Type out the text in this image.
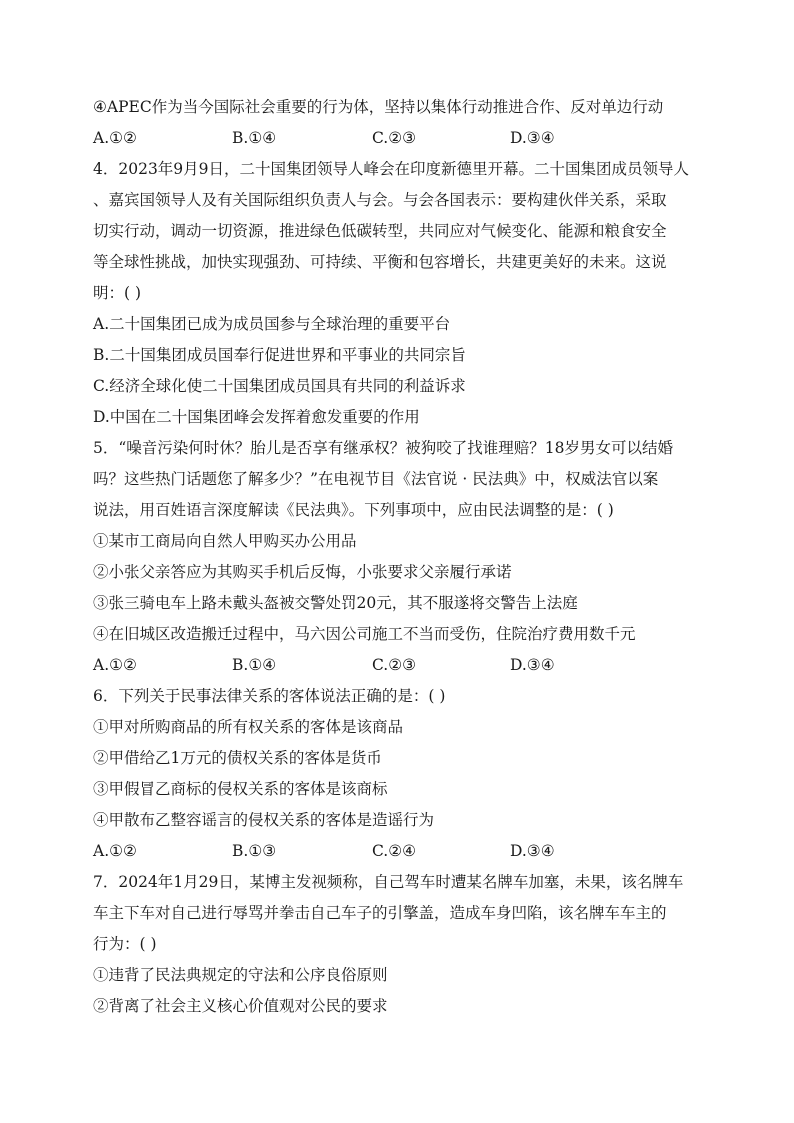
④APEC作为当今国际社会重要的行为体，坚持以集体行动推进合作、反对单边行动
A.①②	B.①④	C.②③	D.③④
4．2023年9月9日，二十国集团领导人峰会在印度新德里开幕。二十国集团成员领导人
、嘉宾国领导人及有关国际组织负责人与会。与会各国表示：要构建伙伴关系，采取
切实行动，调动一切资源，推进绿色低碳转型，共同应对气候变化、能源和粮食安全
等全球性挑战，加快实现强劲、可持续、平衡和包容增长，共建更美好的未来。这说
明：( )
A.二十国集团已成为成员国参与全球治理的重要平台
B.二十国集团成员国奉行促进世界和平事业的共同宗旨
C.经济全球化使二十国集团成员国具有共同的利益诉求
D.中国在二十国集团峰会发挥着愈发重要的作用
5．“噪音污染何时休？胎儿是否享有继承权？被狗咬了找谁理赔？18岁男女可以结婚
吗？这些热门话题您了解多少？”在电视节目《法官说 · 民法典》中，权威法官以案
说法，用百姓语言深度解读《民法典》。下列事项中，应由民法调整的是：( )
①某市工商局向自然人甲购买办公用品
②小张父亲答应为其购买手机后反悔，小张要求父亲履行承诺
③张三骑电车上路未戴头盔被交警处罚20元，其不服遂将交警告上法庭
④在旧城区改造搬迁过程中，马六因公司施工不当而受伤，住院治疗费用数千元
A.①②	B.①④	C.②③	D.③④
6．下列关于民事法律关系的客体说法正确的是：( )
①甲对所购商品的所有权关系的客体是该商品
②甲借给乙1万元的债权关系的客体是货币
③甲假冒乙商标的侵权关系的客体是该商标
④甲散布乙整容谣言的侵权关系的客体是造谣行为
A.①②	B.①③	C.②④	D.③④
7．2024年1月29日，某博主发视频称，自己驾车时遭某名牌车加塞，未果，该名牌车
车主下车对自己进行辱骂并拳击自己车子的引擎盖，造成车身凹陷，该名牌车车主的
行为：( )
①违背了民法典规定的守法和公序良俗原则
②背离了社会主义核心价值观对公民的要求
